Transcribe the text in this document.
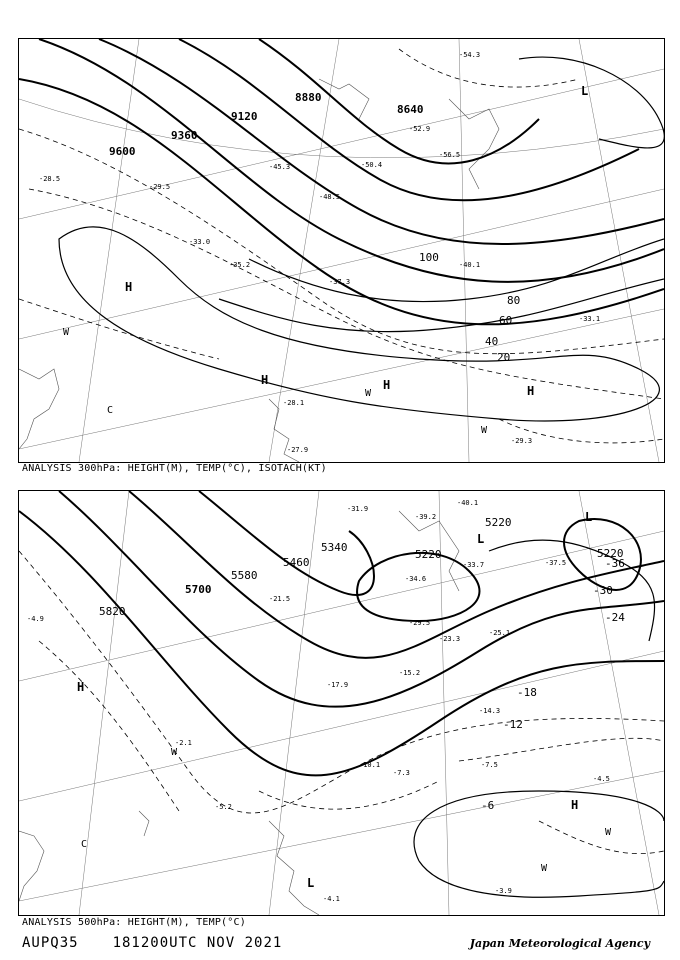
9600
9360
9120
8880
8640
20
40
60
80
100
H
H	H	H
L
W
W
C
W
-28.5
-29.5
-33.0
-35.2
-37.3
-40.1
-45.3
-48.5
-50.4
-52.9
-54.3
-56.5
-29.3
-33.1
-27.9
-28.1
ANALYSIS 300hPa: HEIGHT(M), TEMP(°C), ISOTACH(KT)
5820
5700
5580
5460
5340
5220
5220
5220
-36
-30
-24
-18
-12
-6
H
H
L
L
L
C
W
W
W
-4.9
-2.1
-5.2
-7.5
-7.3
-10.1
-14.3
-15.2
-17.9
-21.5
-23.3
-25.1
-29.5
-31.9
-33.7
-34.6
-37.5
-39.2
-40.1
-4.5
-3.9
-4.1
ANALYSIS 500hPa: HEIGHT(M), TEMP(°C)
AUPQ35 181200UTC NOV 2021	Japan Meteorological Agency
